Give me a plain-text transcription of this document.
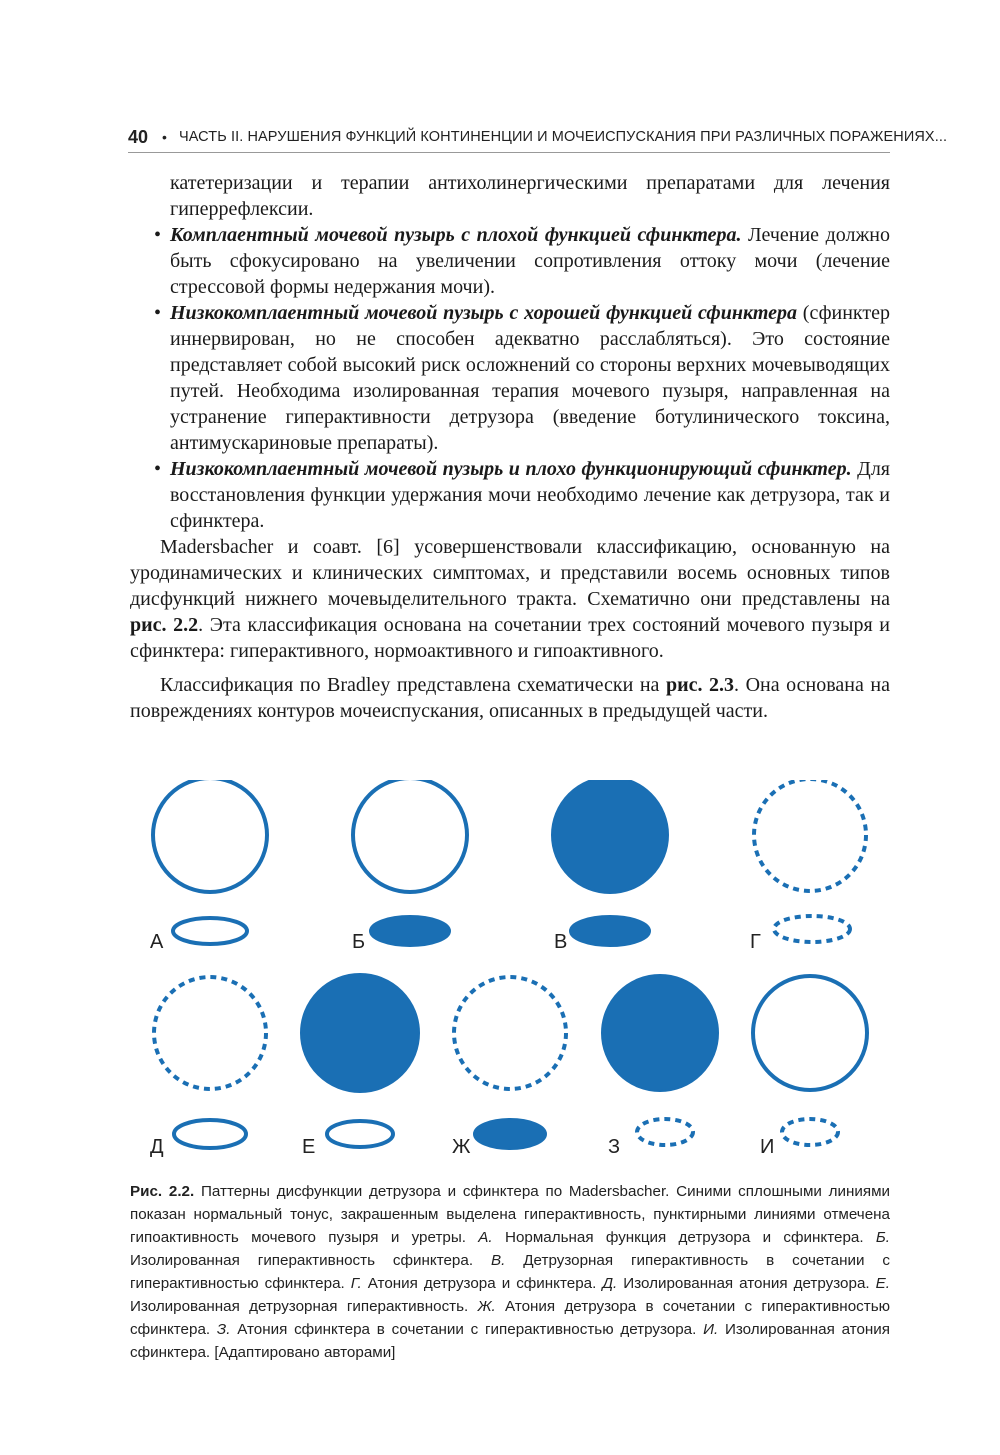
40 • ЧАСТЬ II. НАРУШЕНИЯ ФУНКЦИЙ КОНТИНЕНЦИИ И МОЧЕИСПУСКАНИЯ ПРИ РАЗЛИЧНЫХ ПОРАЖЕНИЯХ...

катетеризации и терапии антихолинергическими препаратами для лечения гиперрефлексии.

• Комплаентный мочевой пузырь с плохой функцией сфинктера. Лечение должно быть сфокусировано на увеличении сопротивления оттоку мочи (лечение стрессовой формы недержания мочи).

• Низкокомплаентный мочевой пузырь с хорошей функцией сфинктера (сфинктер иннервирован, но не способен адекватно расслабляться). Это состояние представляет собой высокий риск осложнений со стороны верхних мочевыводящих путей. Необходима изолированная терапия мочевого пузыря, направленная на устранение гиперактивности детрузора (введение ботулинического токсина, антимускариновые препараты).

• Низкокомплаентный мочевой пузырь и плохо функционирующий сфинктер. Для восстановления функции удержания мочи необходимо лечение как детрузора, так и сфинктера.

Madersbacher и соавт. [6] усовершенствовали классификацию, основанную на уродинамических и клинических симптомах, и представили восемь основных типов дисфункций нижнего мочевыделительного тракта. Схематично они представлены на рис. 2.2. Эта классификация основана на сочетании трех состояний мочевого пузыря и сфинктера: гиперактивного, нормоактивного и гипоактивного.

Классификация по Bradley представлена схематически на рис. 2.3. Она основана на повреждениях контуров мочеиспускания, описанных в предыдущей части.

А	Б	В	Г
Д	Е	Ж	З	И
Рис. 2.2. Паттерны дисфункции детрузора и сфинктера по Madersbacher. Синими сплошными линиями показан нормальный тонус, закрашенным выделена гиперактивность, пунктирными линиями отмечена гипоактивность мочевого пузыря и уретры. А. Нормальная функция детрузора и сфинктера. Б. Изолированная гиперактивность сфинктера. В. Детрузорная гиперактивность в сочетании с гиперактивностью сфинктера. Г. Атония детрузора и сфинктера. Д. Изолированная атония детрузора. Е. Изолированная детрузорная гиперактивность. Ж. Атония детрузора в сочетании с гиперактивностью сфинктера. З. Атония сфинктера в сочетании с гиперактивностью детрузора. И. Изолированная атония сфинктера. [Адаптировано авторами]
